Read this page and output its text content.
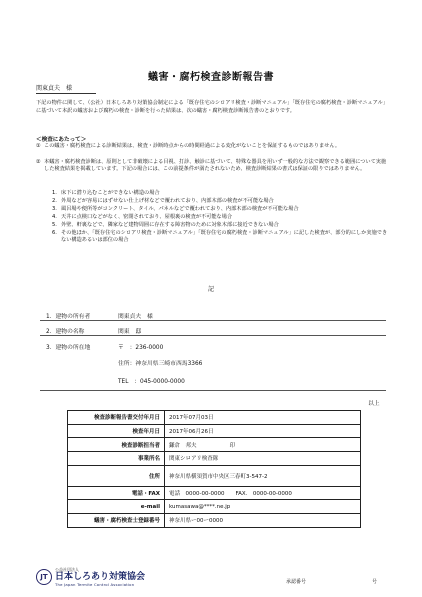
蟻害・腐朽検査診断報告書
関東貞夫　様
下記の物件に関して、（公社）日本しろあり対策協会制定による「既存住宅のシロアリ検査・診断マニュアル」「既存住宅の腐朽検査・診断マニュアル」に基づいて本訳の蟻害および腐朽の検査・診断を行った結果は、次の蟻害・腐朽検査診断報告書のとおりです。
＜検査にあたって＞
① この蟻害・腐朽検査による診断結果は、検査・診断時点からの時間経過による変化がないことを保証するものではありません。
② 本蟻害・腐朽検査診断は、原則として非破壊による目視、打診、触診に基づいて、特殊な器具を用いず一般的な方法で観察できる範囲について実施した検査結果を掲載しています。下記の場合には、この前提条件が満たされないため、検査診断結果の書式は保証の限りではありません。
1. 床下に潜り込むことができない構造の場合
2. 外周などが容易にはずせない仕上げ材などで覆われており、内部木部の検査が不可能な場合
3. 風呂場や便所等がコンクリート、タイル、パネルなどで覆われており、内部木部の検査が不可能な場合
4. 天井に点検口などがなく、密閉されており、屋根裏の検査が不可能な場合
5. 外壁、軒裏などで、隣家など建物周囲に存在する障害物のために対象木部に接近できない場合
6. その他ほか、「既存住宅のシロアリ検査・診断マニュアル」「既存住宅の腐朽検査・診断マニュアル」に記した検査が、部分的にしか実施できない構造あるいは部位の場合
記
1．建物の所有者	関東貞夫　様
2．建物の名称	関東　邸
3．建物の所在地	〒　：236-0000
住所：神奈川県三崎市西馬3366
TEL　：045-0000-0000
以上
検査診断報告書交付年月日	2017年07月03日
検査年月日	2017年06月26日
検査診断担当者	鎌倉　邦夫　　　　　　印
事業所名	関東シロアリ検査隊
住所	神奈川県横須賀市中央区三春町3-547-2
電話・FAX	電話　0000-00-0000　　FAX.　0000-00-0000
e-mail	kumasawa@****.ne.jp
蟻害・腐朽検査士登録番号	神奈川県ー00ー0000
JT
公益社団法人
日本しろあり対策協会
The Japan Termite Control Association	承認番号	号
